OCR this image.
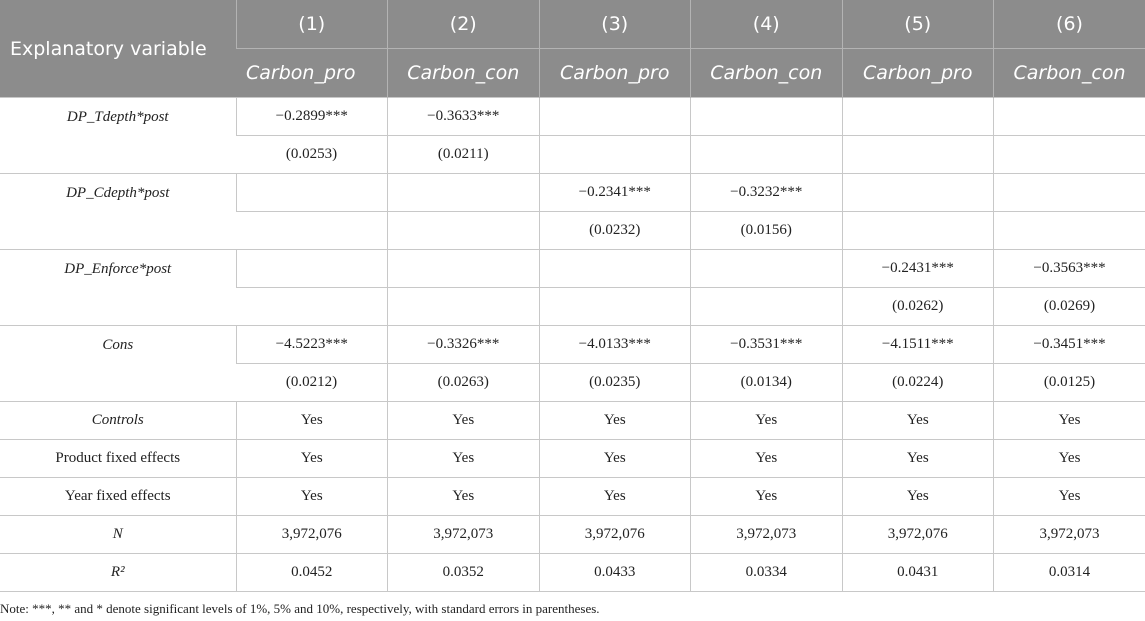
Explanatory variable	(1)	(2)	(3)	(4)	(5)	(6)
	Carbon_pro	Carbon_con	Carbon_pro	Carbon_con	Carbon_pro	Carbon_con
DP_Tdepth*post	−0.2899***	−0.3633***				
	(0.0253)	(0.0211)				
DP_Cdepth*post			−0.2341***	−0.3232***		
			(0.0232)	(0.0156)		
DP_Enforce*post					−0.2431***	−0.3563***
					(0.0262)	(0.0269)
Cons	−4.5223***	−0.3326***	−4.0133***	−0.3531***	−4.1511***	−0.3451***
	(0.0212)	(0.0263)	(0.0235)	(0.0134)	(0.0224)	(0.0125)
Controls	Yes	Yes	Yes	Yes	Yes	Yes
Product fixed effects	Yes	Yes	Yes	Yes	Yes	Yes
Year fixed effects	Yes	Yes	Yes	Yes	Yes	Yes
N	3,972,076	3,972,073	3,972,076	3,972,073	3,972,076	3,972,073
R²	0.0452	0.0352	0.0433	0.0334	0.0431	0.0314
Note: ***, ** and * denote significant levels of 1%, 5% and 10%, respectively, with standard errors in parentheses.
